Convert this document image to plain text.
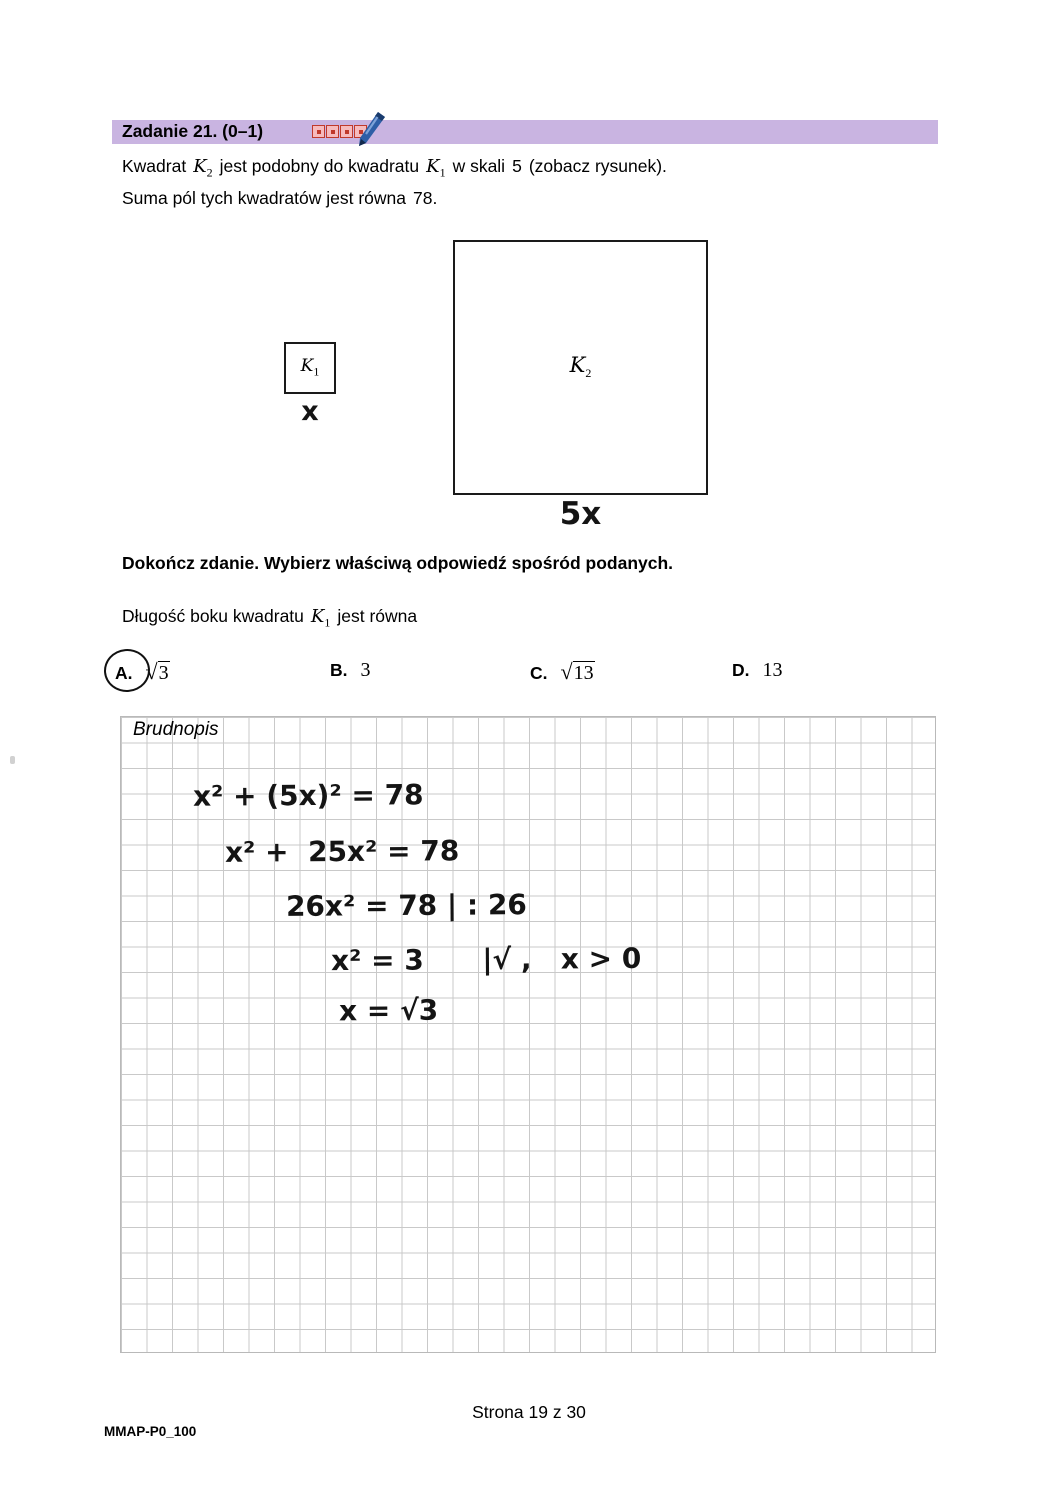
Zadanie 21. (0–1)
Kwadrat $K_2$ jest podobny do kwadratu $K_1$ w skali 5 (zobacz rysunek).
Suma pól tych kwadratów jest równa 78.
$K_1$
x
$K_2$
5x
Dokończ zdanie. Wybierz właściwą odpowiedź spośród podanych.
Długość boku kwadratu $K_1$ jest równa
A. √3	B. 3	C. √13	D. 13
Brudnopis
x² + (5x)² = 78
x² +  25x² = 78
26x² = 78 | : 26
x² = 3      |√ ,   x > 0
x = √3
Strona 19 z 30
MMAP-P0_100
